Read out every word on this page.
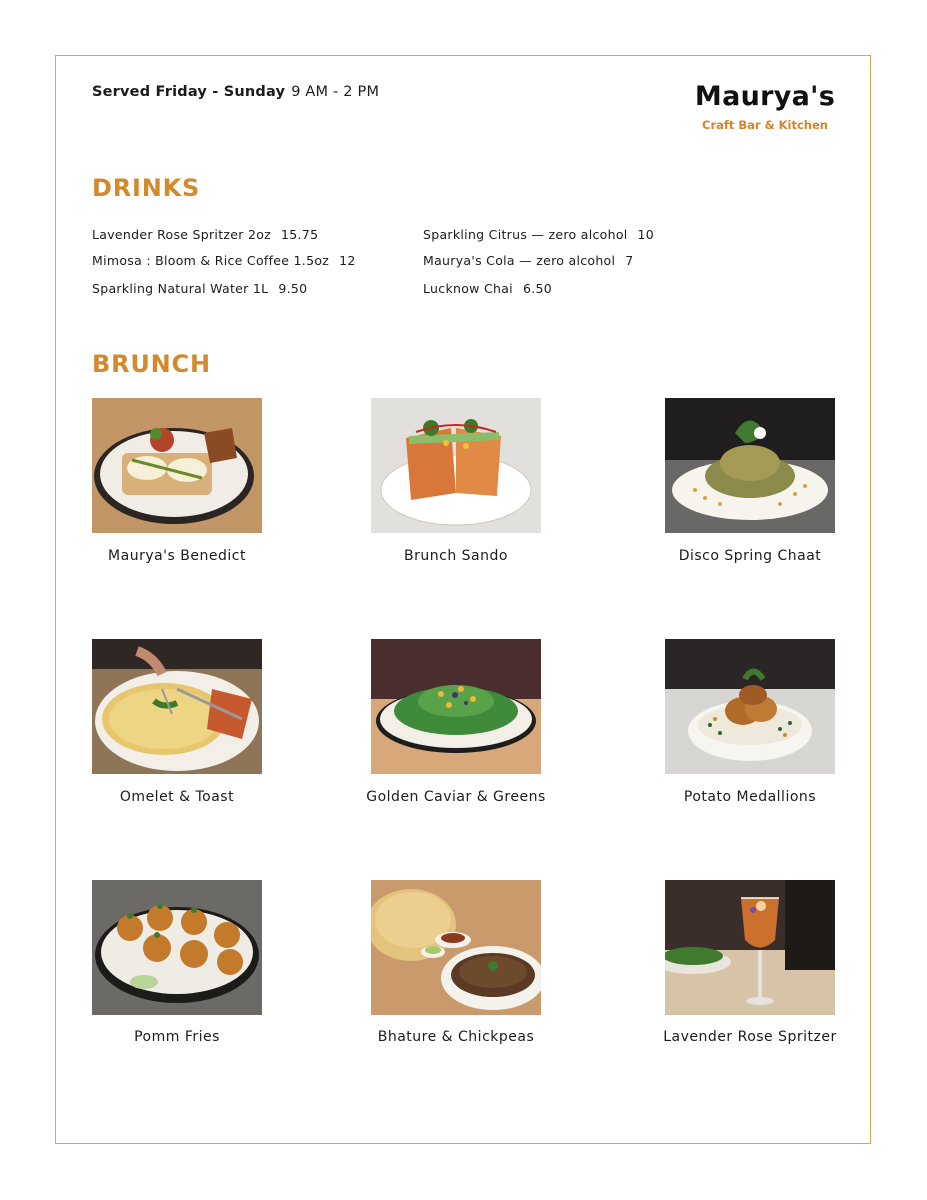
Served Friday - Sunday 9 AM - 2 PM	Maurya's
Craft Bar & Kitchen
DRINKS
Lavender Rose Spritzer 2oz 15.75
Mimosa : Bloom & Rice Coffee 1.5oz 12
Sparkling Natural Water 1L 9.50
Sparkling Citrus — zero alcohol 10
Maurya's Cola — zero alcohol 7
Lucknow Chai 6.50
BRUNCH
Maurya's Benedict	Brunch Sando	Disco Spring Chaat
Omelet & Toast	Golden Caviar & Greens	Potato Medallions
Pomm Fries	Bhature & Chickpeas	Lavender Rose Spritzer
